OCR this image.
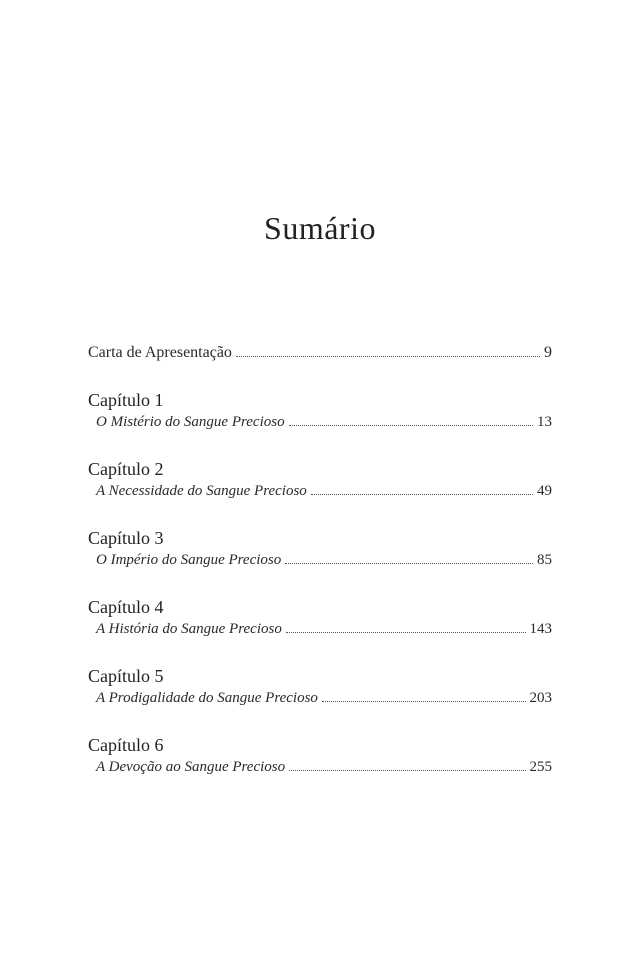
Sumário
Carta de Apresentação	9
Capítulo 1
O Mistério do Sangue Precioso	13
Capítulo 2
A Necessidade do Sangue Precioso	49
Capítulo 3
O Império do Sangue Precioso	85
Capítulo 4
A História do Sangue Precioso	143
Capítulo 5
A Prodigalidade do Sangue Precioso	203
Capítulo 6
A Devoção ao Sangue Precioso	255
